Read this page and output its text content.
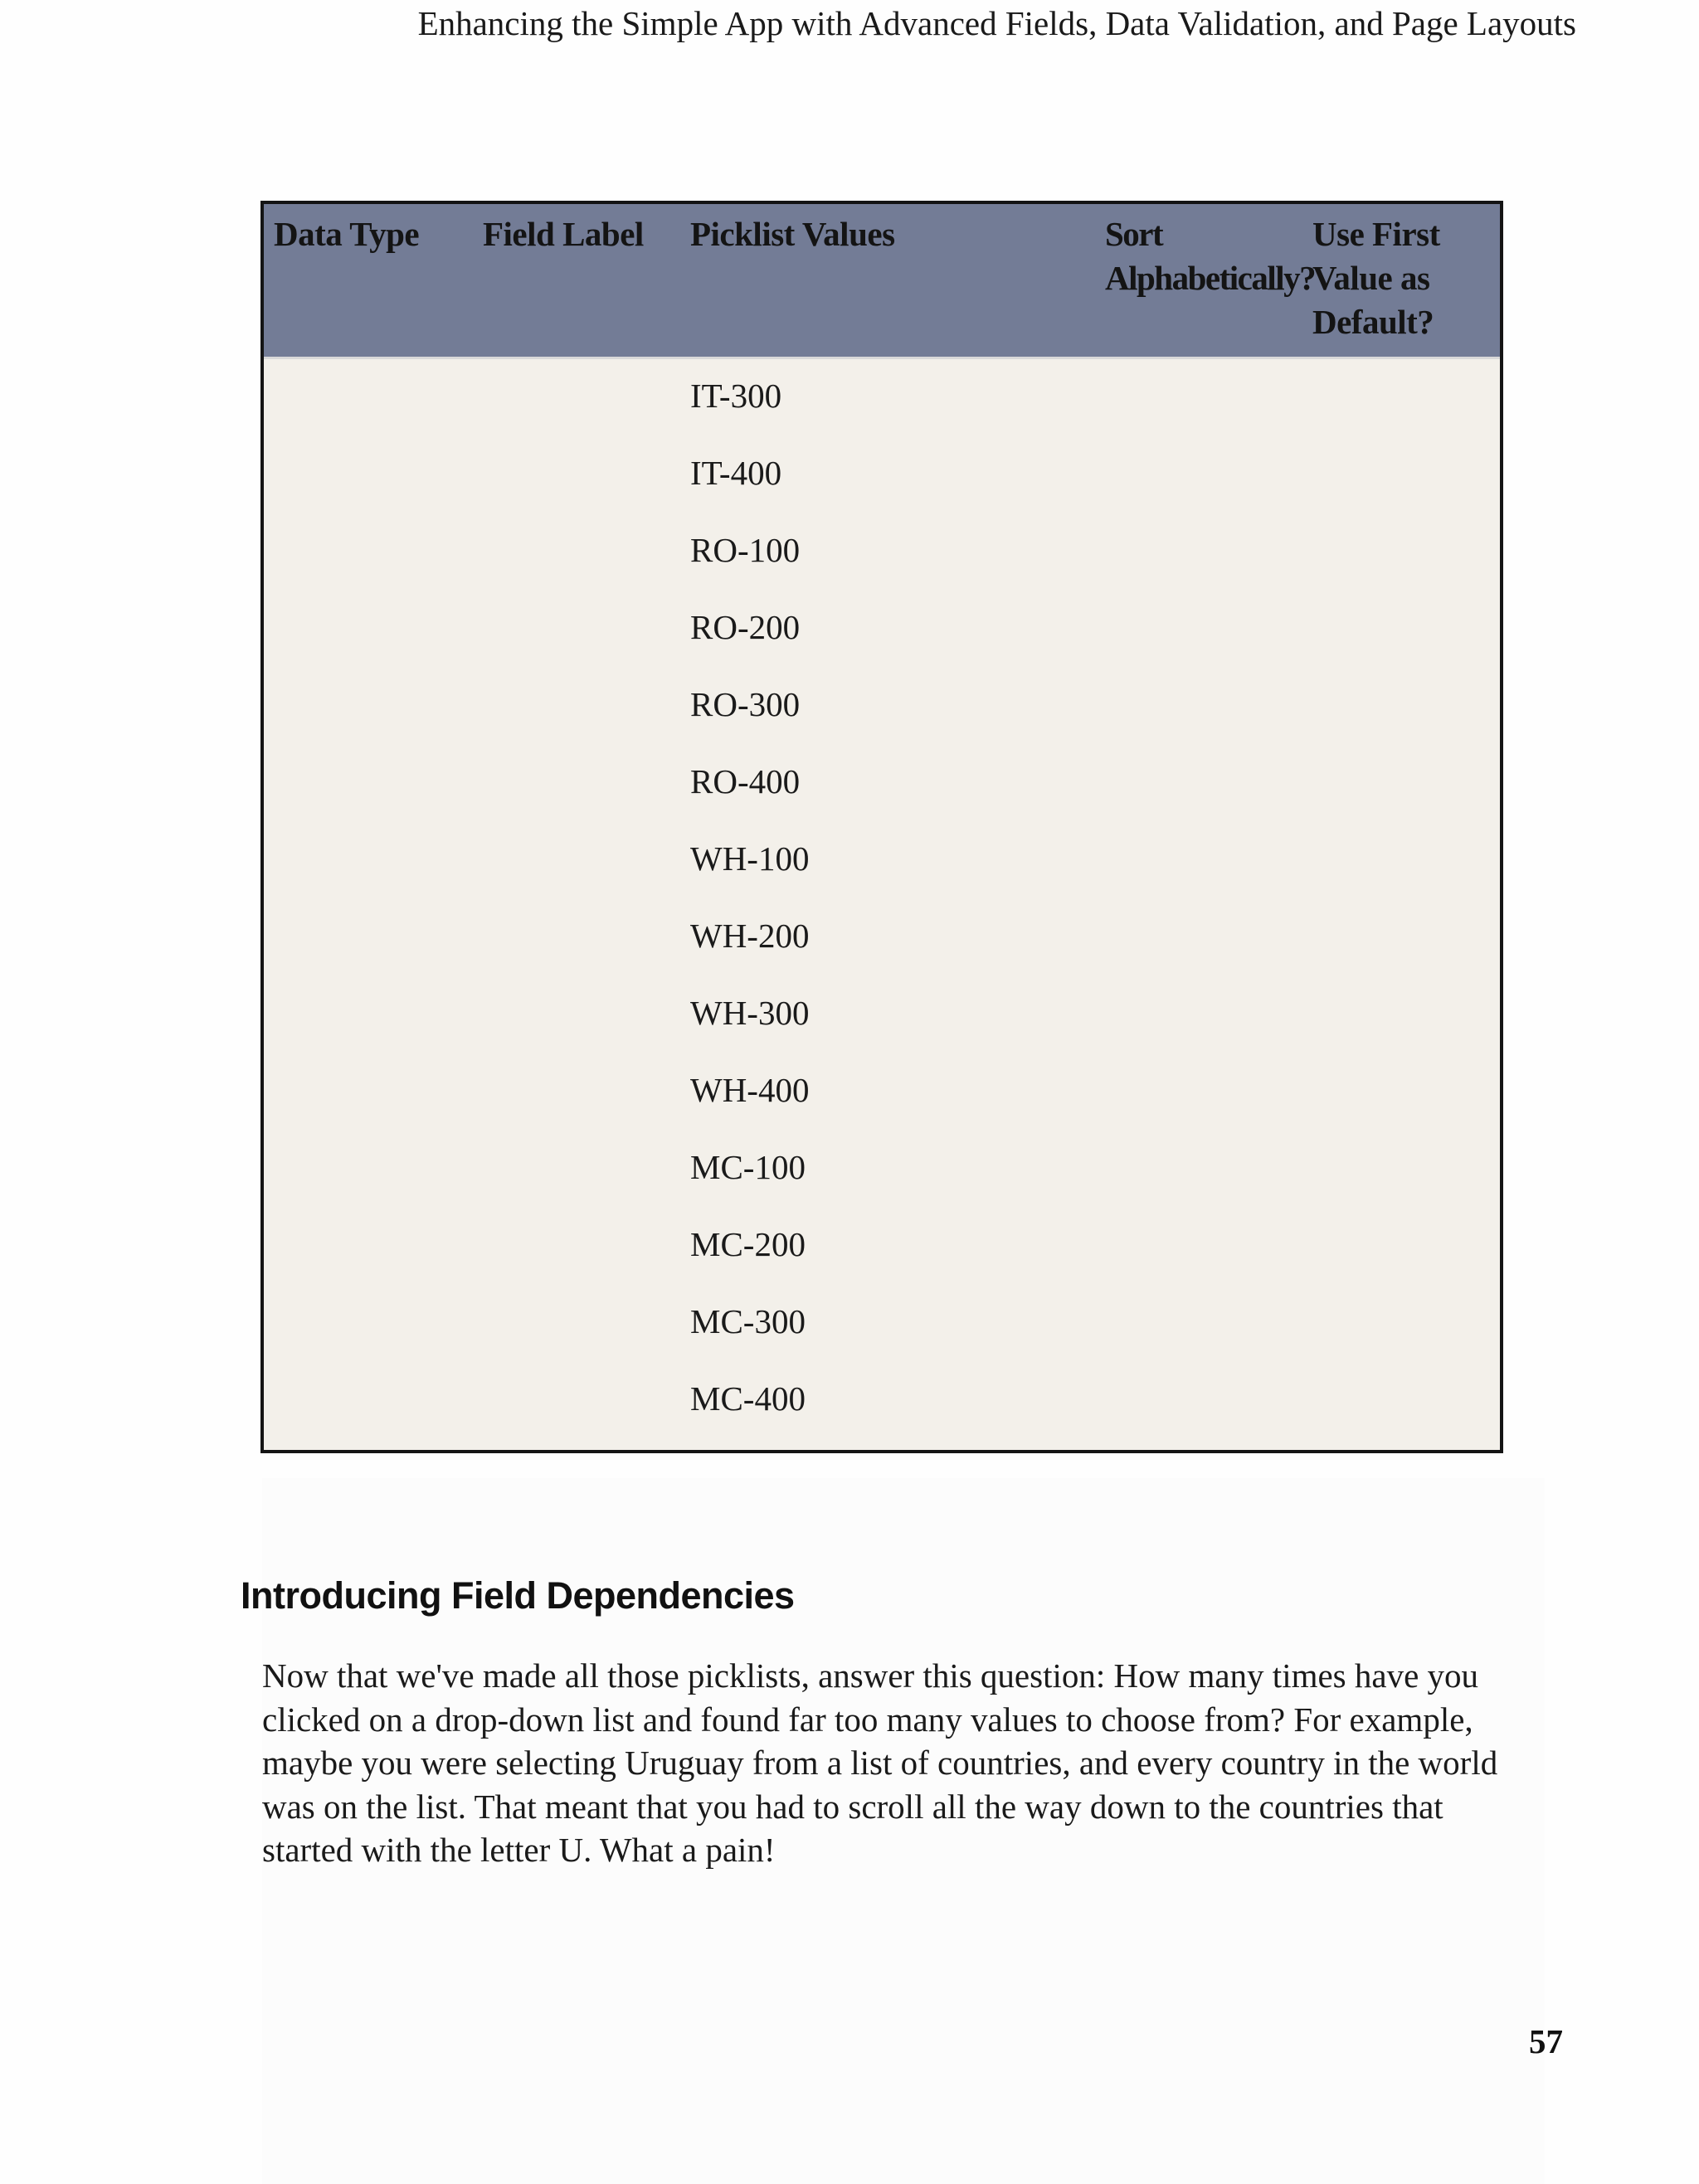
Enhancing the Simple App with Advanced Fields, Data Validation, and Page Layouts
Data Type Field Label Picklist Values	Sort
Alphabetically?
Use First
Value as
Default?
IT-300
IT-400
RO-100
RO-200
RO-300
RO-400
WH-100
WH-200
WH-300
WH-400
MC-100
MC-200
MC-300
MC-400
Introducing Field Dependencies

Now that we've made all those picklists, answer this question: How many times have you clicked on a drop-down list and found far too many values to choose from? For example, maybe you were selecting Uruguay from a list of countries, and every country in the world was on the list. That meant that you had to scroll all the way down to the countries that started with the letter U. What a pain!

57
